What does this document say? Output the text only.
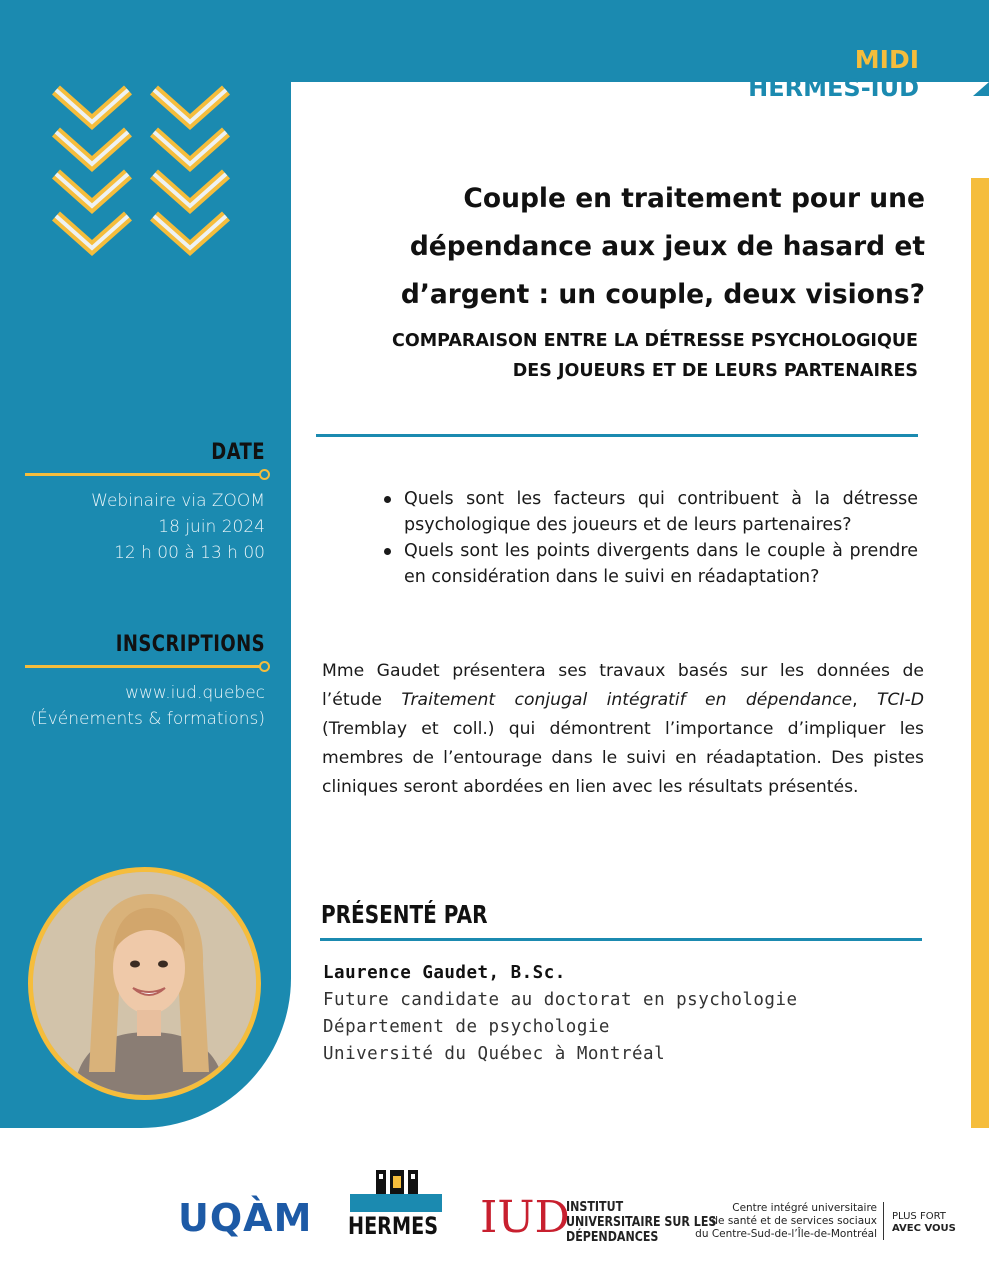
MIDI
HERMES-IUD
DATE
Webinaire via ZOOM
18 juin 2024
12 h 00 à 13 h 00
INSCRIPTIONS
www.iud.quebec
(Événements & formations)
Couple en traitement pour une
dépendance aux jeux de hasard et
d’argent : un couple, deux visions?
COMPARAISON ENTRE LA DÉTRESSE PSYCHOLOGIQUE
DES JOUEURS ET DE LEURS PARTENAIRES
Quels sont les facteurs qui contribuent à la détresse psychologique des joueurs et de leurs partenaires?
Quels sont les points divergents dans le couple à prendre en considération dans le suivi en réadaptation?

Mme Gaudet présentera ses travaux basés sur les données de l’étude Traitement conjugal intégratif en dépendance, TCI-D (Tremblay et coll.) qui démontrent l’importance d’impliquer les membres de l’entourage dans le suivi en réadaptation. Des pistes cliniques seront abordées en lien avec les résultats présentés.

PRÉSENTÉ PAR
Laurence Gaudet, B.Sc.
Future candidate au doctorat en psychologie
Département de psychologie
Université du Québec à Montréal
UQÀM HERMES IUD
INSTITUT
UNIVERSITAIRE SUR LES
DÉPENDANCES
Centre intégré universitaire
de santé et de services sociaux
du Centre-Sud-de-l’Île-de-Montréal
PLUS FORT
AVEC VOUS
